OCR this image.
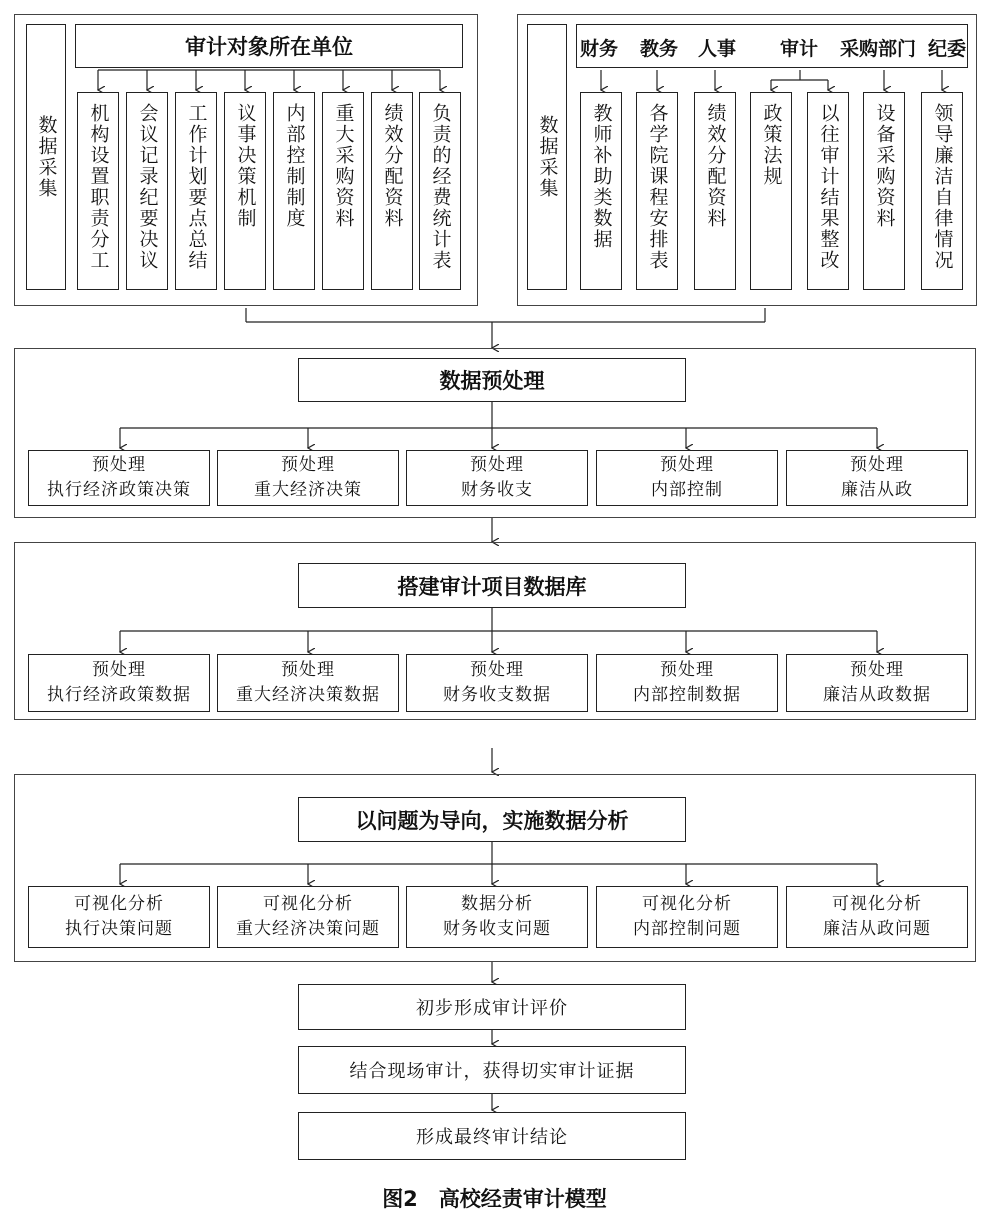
数据采集
审计对象所在单位
机构设置职责分工	会议记录纪要决议	工作计划要点总结	议事决策机制	内部控制制度	重大采购资料	绩效分配资料	负责的经费统计表	数据采集
财务 教务 人事 审计 采购部门 纪委
教师补助类数据	各学院课程安排表	绩效分配资料	政策法规	以往审计结果整改	设备采购资料	领导廉洁自律情况
数据预处理
预处理
执行经济政策决策
预处理
重大经济决策
预处理
财务收支
预处理
内部控制
预处理
廉洁从政
搭建审计项目数据库
预处理
执行经济政策数据
预处理
重大经济决策数据
预处理
财务收支数据
预处理
内部控制数据
预处理
廉洁从政数据
以问题为导向，实施数据分析
可视化分析
执行决策问题
可视化分析
重大经济决策问题
数据分析
财务收支问题
可视化分析
内部控制问题
可视化分析
廉洁从政问题
初步形成审计评价
结合现场审计，获得切实审计证据
形成最终审计结论
图2　高校经责审计模型
